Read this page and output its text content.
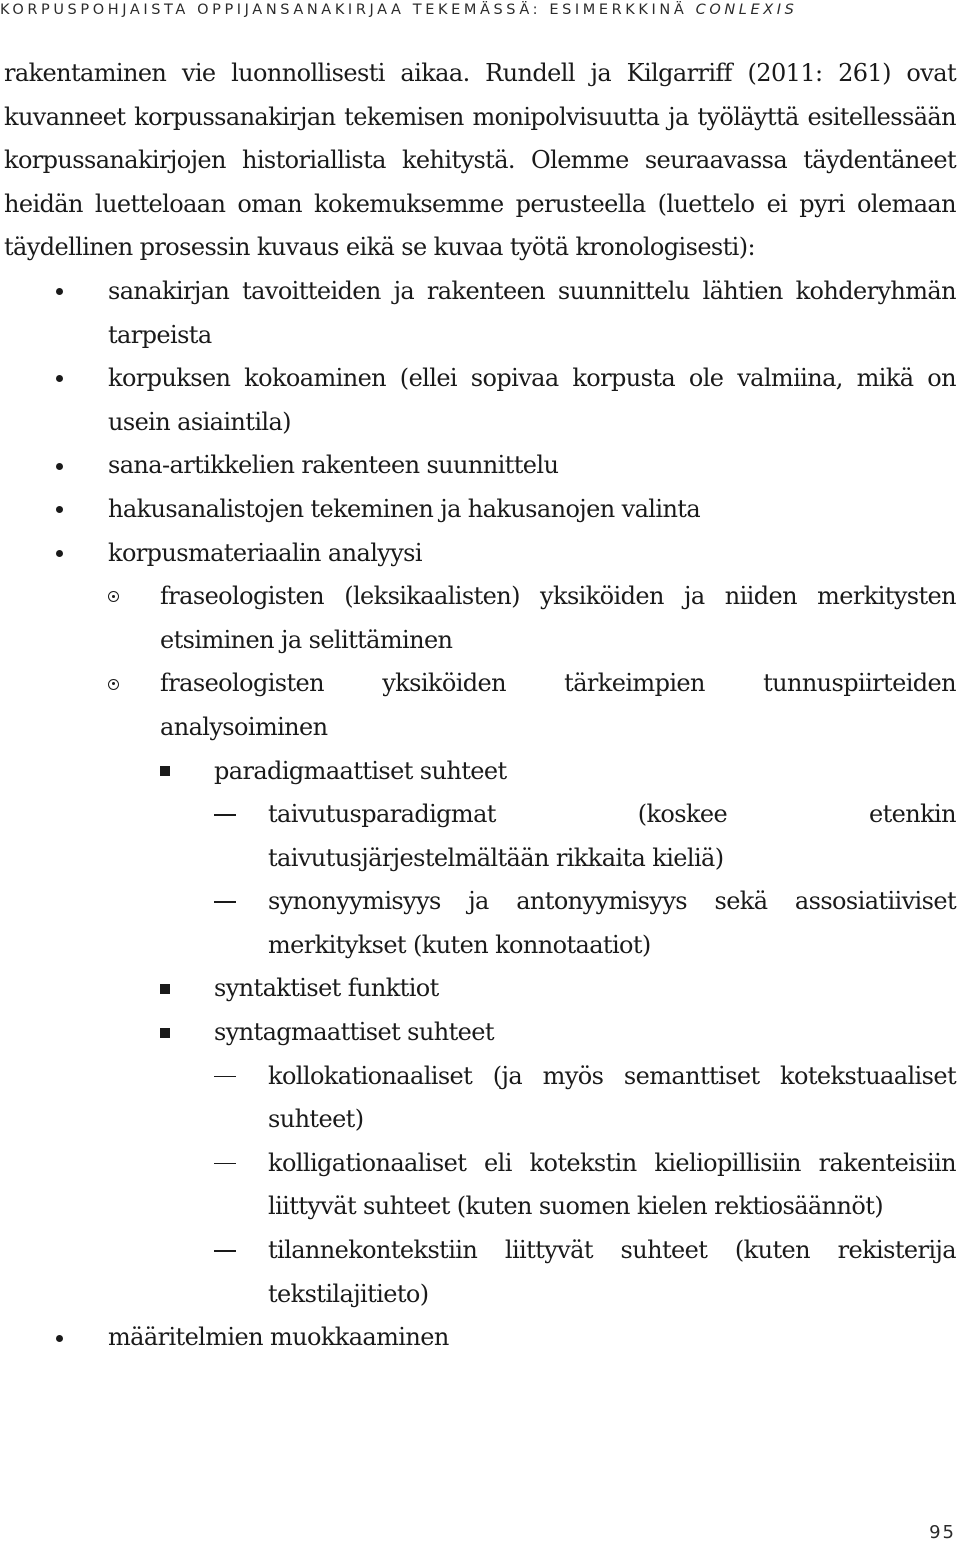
KORPUSPOHJAISTA OPPIJANSANAKIRJAA TEKEMÄSSÄ: ESIMERKKINÄ CONLEXIS

rakentaminen vie luonnollisesti aikaa. Rundell ja Kilgarriff (2011: 261) ovat kuvanneet korpussanakirjan tekemisen monipolvisuutta ja työläyttä esitellessään korpussanakirjojen historiallista kehitystä. Olemme seuraavassa täydentäneet heidän luetteloaan oman kokemuksemme perusteella (luettelo ei pyri olemaan täydellinen prosessin kuvaus eikä se kuvaa työtä kronologisesti):

sanakirjan tavoitteiden ja rakenteen suunnittelu lähtien kohderyhmän tarpeista
korpuksen kokoaminen (ellei sopivaa korpusta ole valmiina, mikä on usein asiaintila)
sana-artikkelien rakenteen suunnittelu
hakusanalistojen tekeminen ja hakusanojen valinta
korpusmateriaalin analyysi
fraseologisten (leksikaalisten) yksiköiden ja niiden merkitysten etsiminen ja selittäminen
fraseologisten yksiköiden tärkeimpien tunnuspiirteiden analysoiminen
paradigmaattiset suhteet
taivutusparadigmat (koskee etenkin taivutusjärjestelmältään rikkaita kieliä)
synonyymisyys ja antonyymisyys sekä assosiatiiviset merkitykset (kuten konnotaatiot)
syntaktiset funktiot
syntagmaattiset suhteet
kollokationaaliset (ja myös semanttiset kotekstuaaliset suhteet)
kolligationaaliset eli kotekstin kieliopillisiin rakenteisiin liittyvät suhteet (kuten suomen kielen rektiosäännöt)
tilannekontekstiin liittyvät suhteet (kuten rekisterija tekstilajitieto)
määritelmien muokkaaminen
95
